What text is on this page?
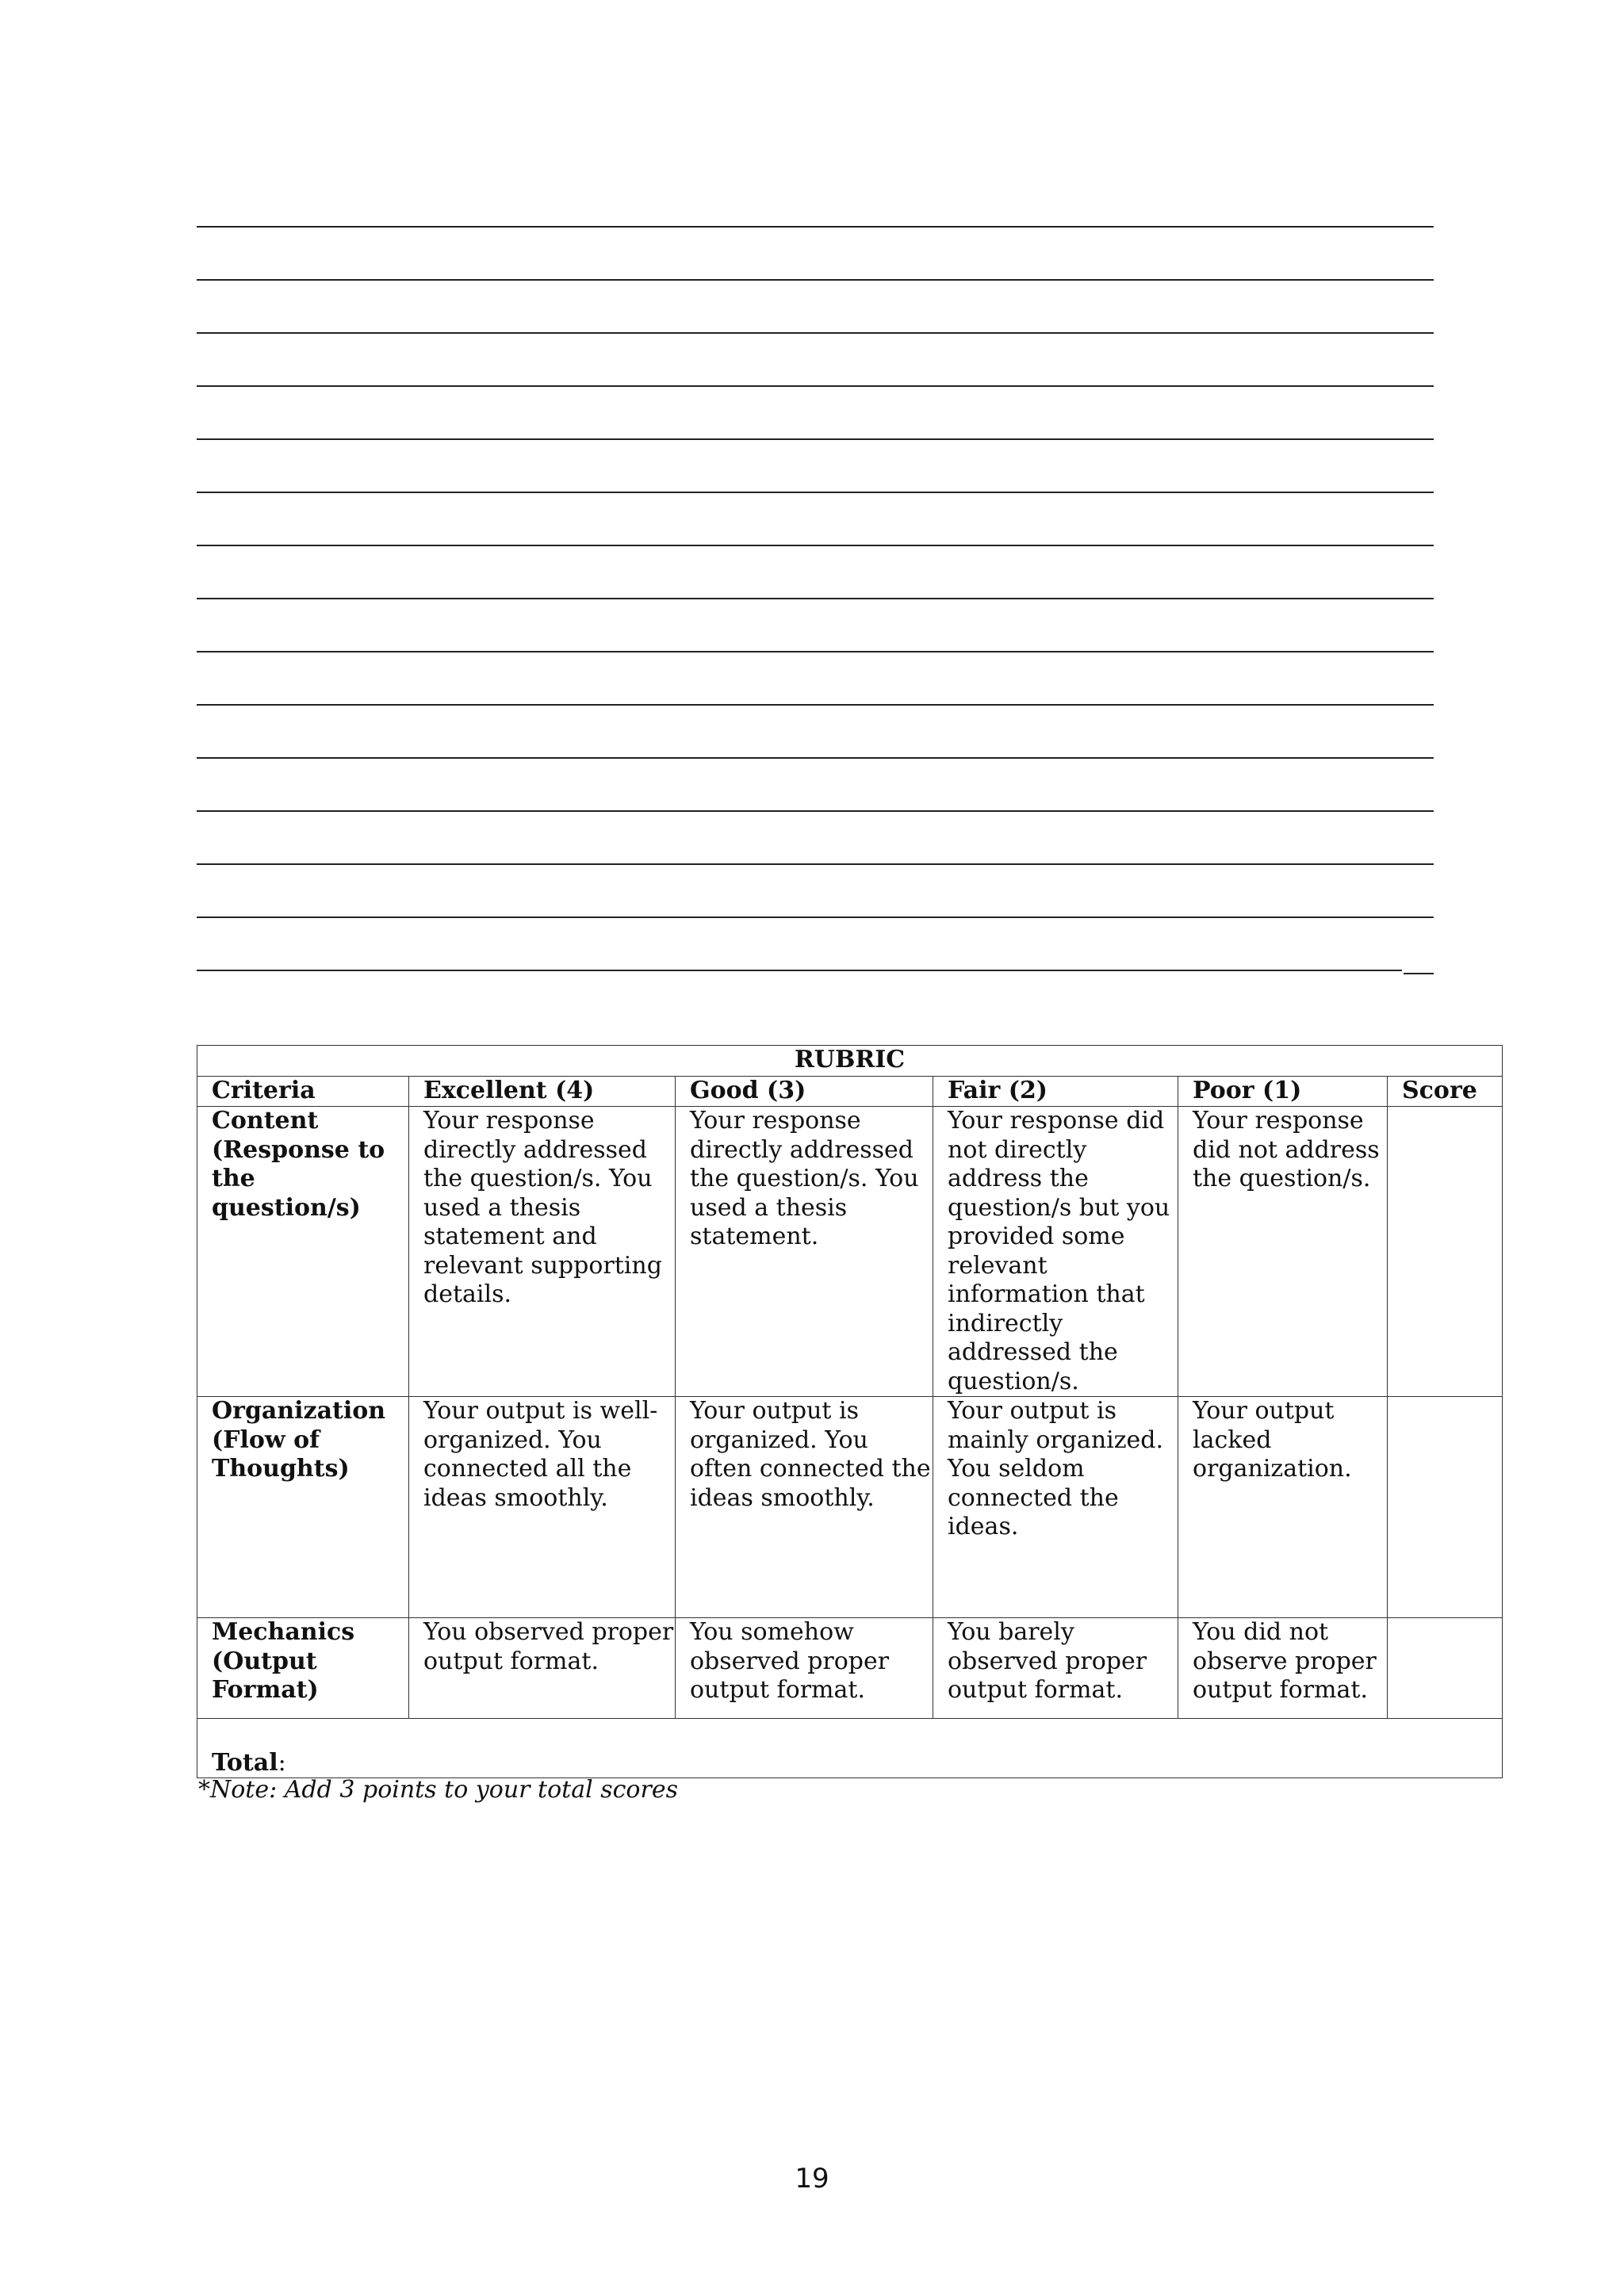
RUBRIC					
Criteria	Excellent (4)	Good (3)	Fair (2)	Poor (1)	Score
Content (Response to the question/s)	Your response directly addressed the question/s. You used a thesis statement and relevant supporting details.	Your response directly addressed the question/s. You used a thesis statement.	Your response did not directly address the question/s but you provided some relevant information that indirectly addressed the question/s.	Your response did not address the question/s.	
Organization (Flow of Thoughts)	Your output is well-organized. You connected all the ideas smoothly.	Your output is organized. You often connected the ideas smoothly.	Your output is mainly organized. You seldom connected the ideas.	Your output lacked organization.	
Mechanics (Output Format)	You observed proper output format.	You somehow observed proper output format.	You barely observed proper output format.	You did not observe proper output format.	
Total:					
*Note: Add 3 points to your total scores
19
